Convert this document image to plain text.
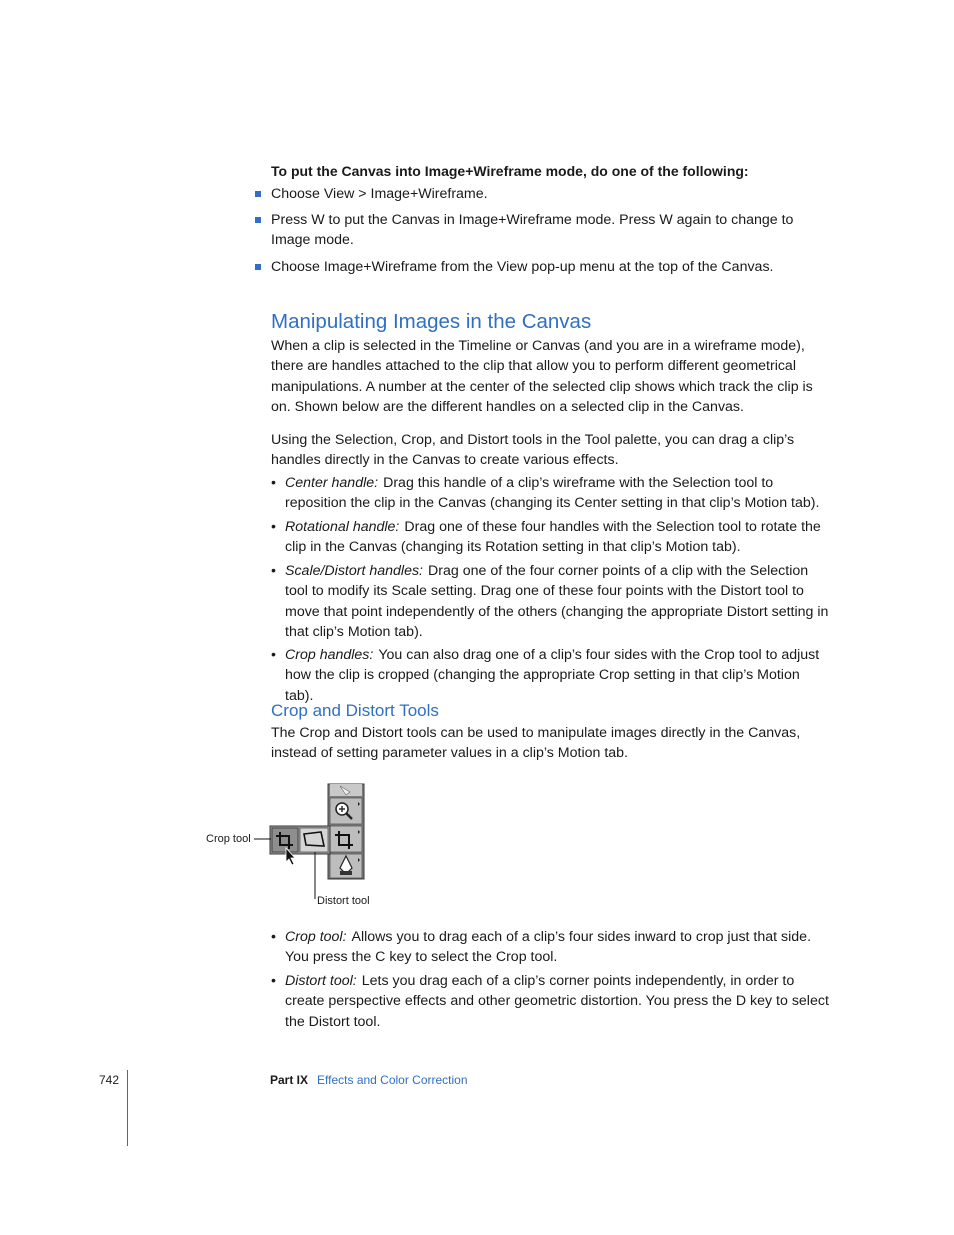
To put the Canvas into Image+Wireframe mode, do one of the following:
Choose View > Image+Wireframe.
Press W to put the Canvas in Image+Wireframe mode. Press W again to change to Image mode.
Choose Image+Wireframe from the View pop-up menu at the top of the Canvas.
Manipulating Images in the Canvas
When a clip is selected in the Timeline or Canvas (and you are in a wireframe mode), there are handles attached to the clip that allow you to perform different geometrical manipulations. A number at the center of the selected clip shows which track the clip is on. Shown below are the different handles on a selected clip in the Canvas.
Using the Selection, Crop, and Distort tools in the Tool palette, you can drag a clip’s handles directly in the Canvas to create various effects.
• Center handle: Drag this handle of a clip’s wireframe with the Selection tool to reposition the clip in the Canvas (changing its Center setting in that clip’s Motion tab).
• Rotational handle: Drag one of these four handles with the Selection tool to rotate the clip in the Canvas (changing its Rotation setting in that clip’s Motion tab).
• Scale/Distort handles: Drag one of the four corner points of a clip with the Selection tool to modify its Scale setting. Drag one of these four points with the Distort tool to move that point independently of the others (changing the appropriate Distort setting in that clip’s Motion tab).
• Crop handles: You can also drag one of a clip’s four sides with the Crop tool to adjust how the clip is cropped (changing the appropriate Crop setting in that clip’s Motion tab).
Crop and Distort Tools
The Crop and Distort tools can be used to manipulate images directly in the Canvas, instead of setting parameter values in a clip’s Motion tab.
Crop tool
Distort tool
• Crop tool: Allows you to drag each of a clip’s four sides inward to crop just that side. You press the C key to select the Crop tool.
• Distort tool: Lets you drag each of a clip’s corner points independently, in order to create perspective effects and other geometric distortion. You press the D key to select the Distort tool.
742	Part IX Effects and Color Correction
